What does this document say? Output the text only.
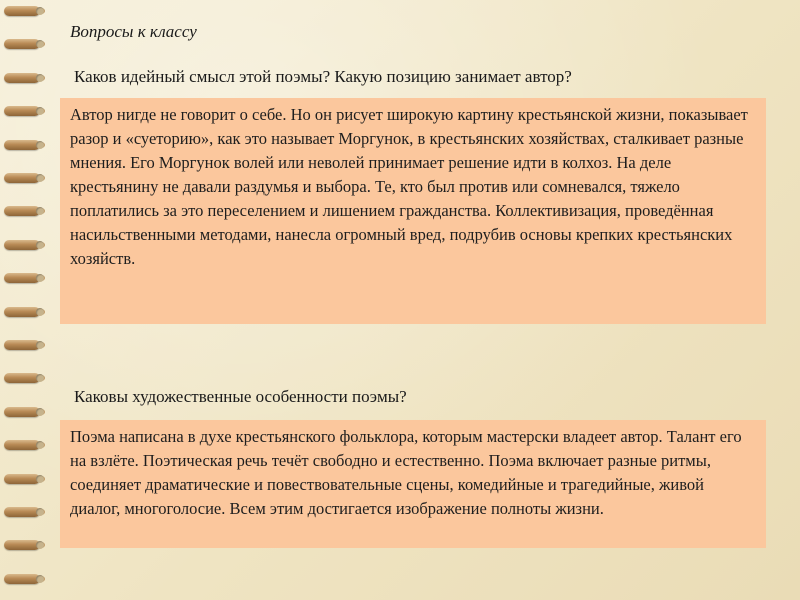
Вопросы к классу
Каков идейный смысл этой поэмы? Какую позицию занимает автор?
Автор нигде не говорит о себе. Но он рисует широкую картину крестьянской жизни, показывает разор и «суеторию», как это называет Моргунок, в крестьянских хозяйствах, сталкивает разные мнения. Его Моргунок волей или неволей принимает решение идти в колхоз. На деле крестьянину не давали раздумья и выбора. Те, кто был против или сомневался, тяжело поплатились за это переселением и лишением гражданства. Коллективизация, проведённая насильственными методами, нанесла огромный вред, подрубив основы крепких крестьянских хозяйств.
Каковы художественные особенности поэмы?
Поэма написана в духе крестьянского фольклора, которым мастерски владеет автор. Талант его на взлёте. Поэтическая речь течёт свободно и естественно. Поэма включает разные ритмы, соединяет драматические и повествовательные сцены, комедийные и трагедийные, живой диалог, многоголосие. Всем этим достигается изображение полноты жизни.
